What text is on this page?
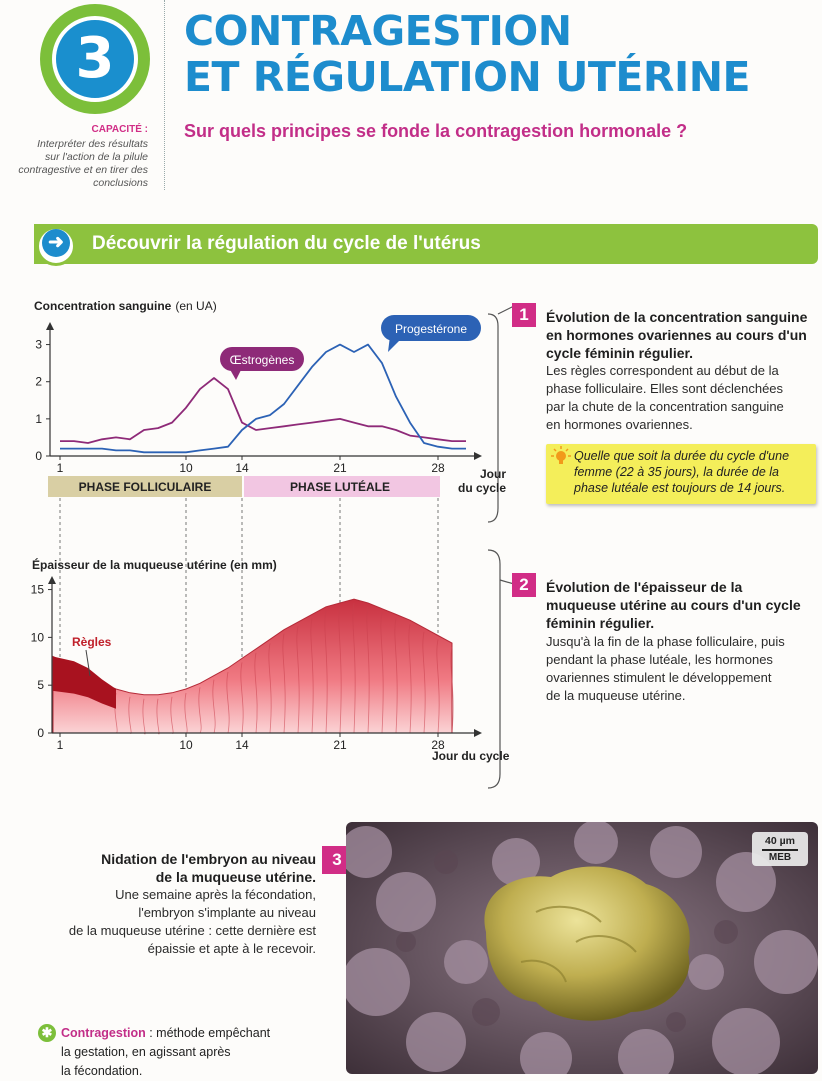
3	CONTRAGESTION
ET RÉGULATION UTÉRINE
CAPACITÉ :
Interpréter des résultats
sur l'action de la pilule
contragestive et en tirer des
conclusions
Sur quels principes se fonde la contragestion hormonale ?
➜	Découvrir la régulation du cycle de l'utérus
Concentration sanguine (en UA)
1	10	14	21	28
0
1
2
3
Jour
du cycle
PHASE FOLLICULAIRE	PHASE LUTÉALE
Œstrogènes
Progestérone
Épaisseur de la muqueuse utérine (en mm)
1	10	14	21	28
0
5
10
15
Jour du cycle
Règles
1	Évolution de la concentration sanguine
en hormones ovariennes au cours d'un
cycle féminin régulier.
Les règles correspondent au début de la
phase folliculaire. Elles sont déclenchées
par la chute de la concentration sanguine
en hormones ovariennes.
Quelle que soit la durée du cycle d'une
femme (22 à 35 jours), la durée de la
phase lutéale est toujours de 14 jours.
2	Évolution de l'épaisseur de la
muqueuse utérine au cours d'un cycle
féminin régulier.
Jusqu'à la fin de la phase folliculaire, puis
pendant la phase lutéale, les hormones
ovariennes stimulent le développement
de la muqueuse utérine.
Nidation de l'embryon au niveau
de la muqueuse utérine.
Une semaine après la fécondation,
l'embryon s'implante au niveau
de la muqueuse utérine : cette dernière est
épaissie et apte à le recevoir.
3
40 µm
MEB
✱ Contragestion : méthode empêchant
la gestation, en agissant après
la fécondation.
